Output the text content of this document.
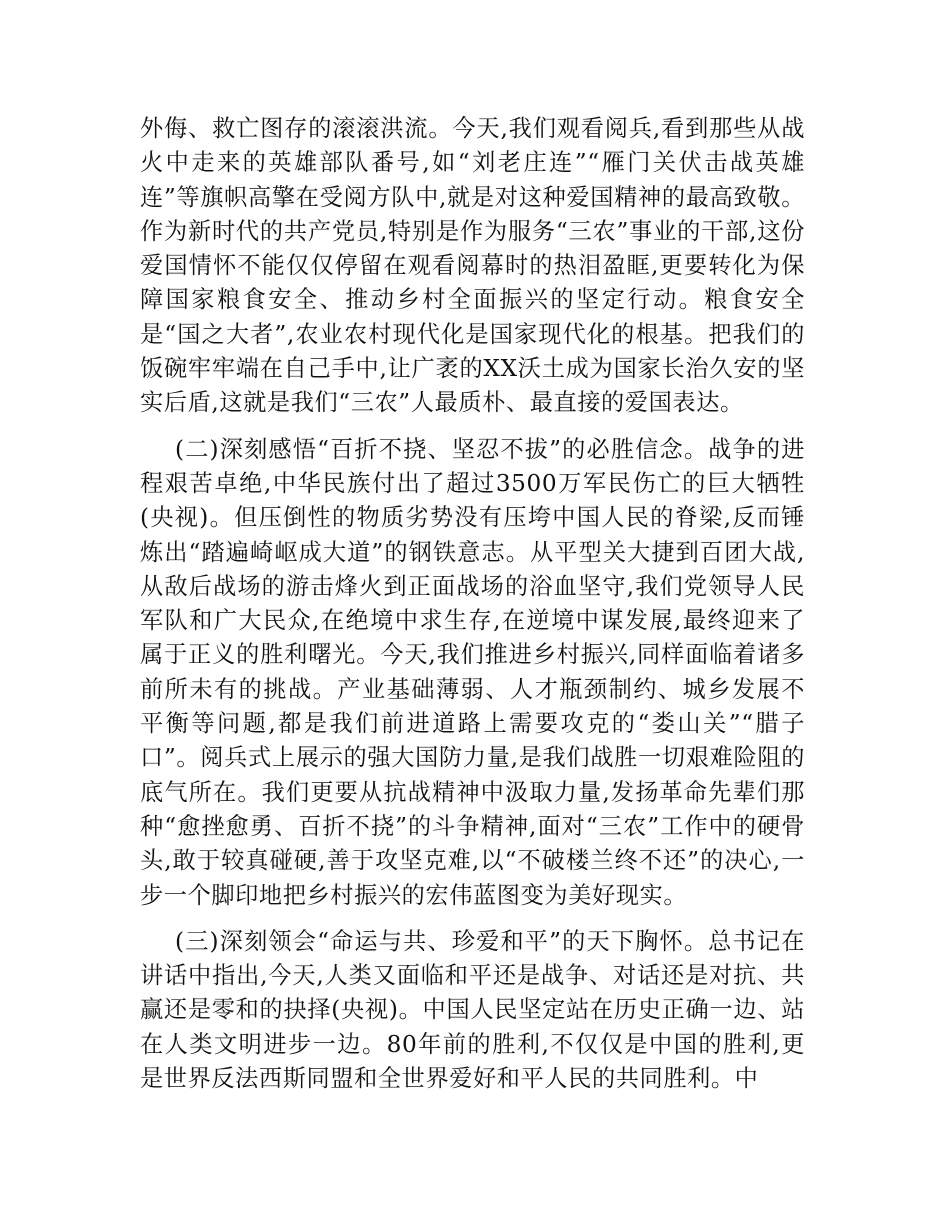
外侮、救亡图存的滚滚洪流。今天,我们观看阅兵,看到那些从战火中走来的英雄部队番号,如“刘老庄连”“雁门关伏击战英雄连”等旗帜高擎在受阅方队中,就是对这种爱国精神的最高致敬。作为新时代的共产党员,特别是作为服务“三农”事业的干部,这份爱国情怀不能仅仅停留在观看阅幕时的热泪盈眶,更要转化为保障国家粮食安全、推动乡村全面振兴的坚定行动。粮食安全是“国之大者”,农业农村现代化是国家现代化的根基。把我们的饭碗牢牢端在自己手中,让广袤的XX沃土成为国家长治久安的坚实后盾,这就是我们“三农”人最质朴、最直接的爱国表达。

(二)深刻感悟“百折不挠、坚忍不拔”的必胜信念。战争的进程艰苦卓绝,中华民族付出了超过3500万军民伤亡的巨大牺牲(央视)。但压倒性的物质劣势没有压垮中国人民的脊梁,反而锤炼出“踏遍崎岖成大道”的钢铁意志。从平型关大捷到百团大战,从敌后战场的游击烽火到正面战场的浴血坚守,我们党领导人民军队和广大民众,在绝境中求生存,在逆境中谋发展,最终迎来了属于正义的胜利曙光。今天,我们推进乡村振兴,同样面临着诸多前所未有的挑战。产业基础薄弱、人才瓶颈制约、城乡发展不平衡等问题,都是我们前进道路上需要攻克的“娄山关”“腊子口”。阅兵式上展示的强大国防力量,是我们战胜一切艰难险阻的底气所在。我们更要从抗战精神中汲取力量,发扬革命先辈们那种“愈挫愈勇、百折不挠”的斗争精神,面对“三农”工作中的硬骨头,敢于较真碰硬,善于攻坚克难,以“不破楼兰终不还”的决心,一步一个脚印地把乡村振兴的宏伟蓝图变为美好现实。

(三)深刻领会“命运与共、珍爱和平”的天下胸怀。总书记在讲话中指出,今天,人类又面临和平还是战争、对话还是对抗、共赢还是零和的抉择(央视)。中国人民坚定站在历史正确一边、站在人类文明进步一边。80年前的胜利,不仅仅是中国的胜利,更是世界反法西斯同盟和全世界爱好和平人民的共同胜利。中
